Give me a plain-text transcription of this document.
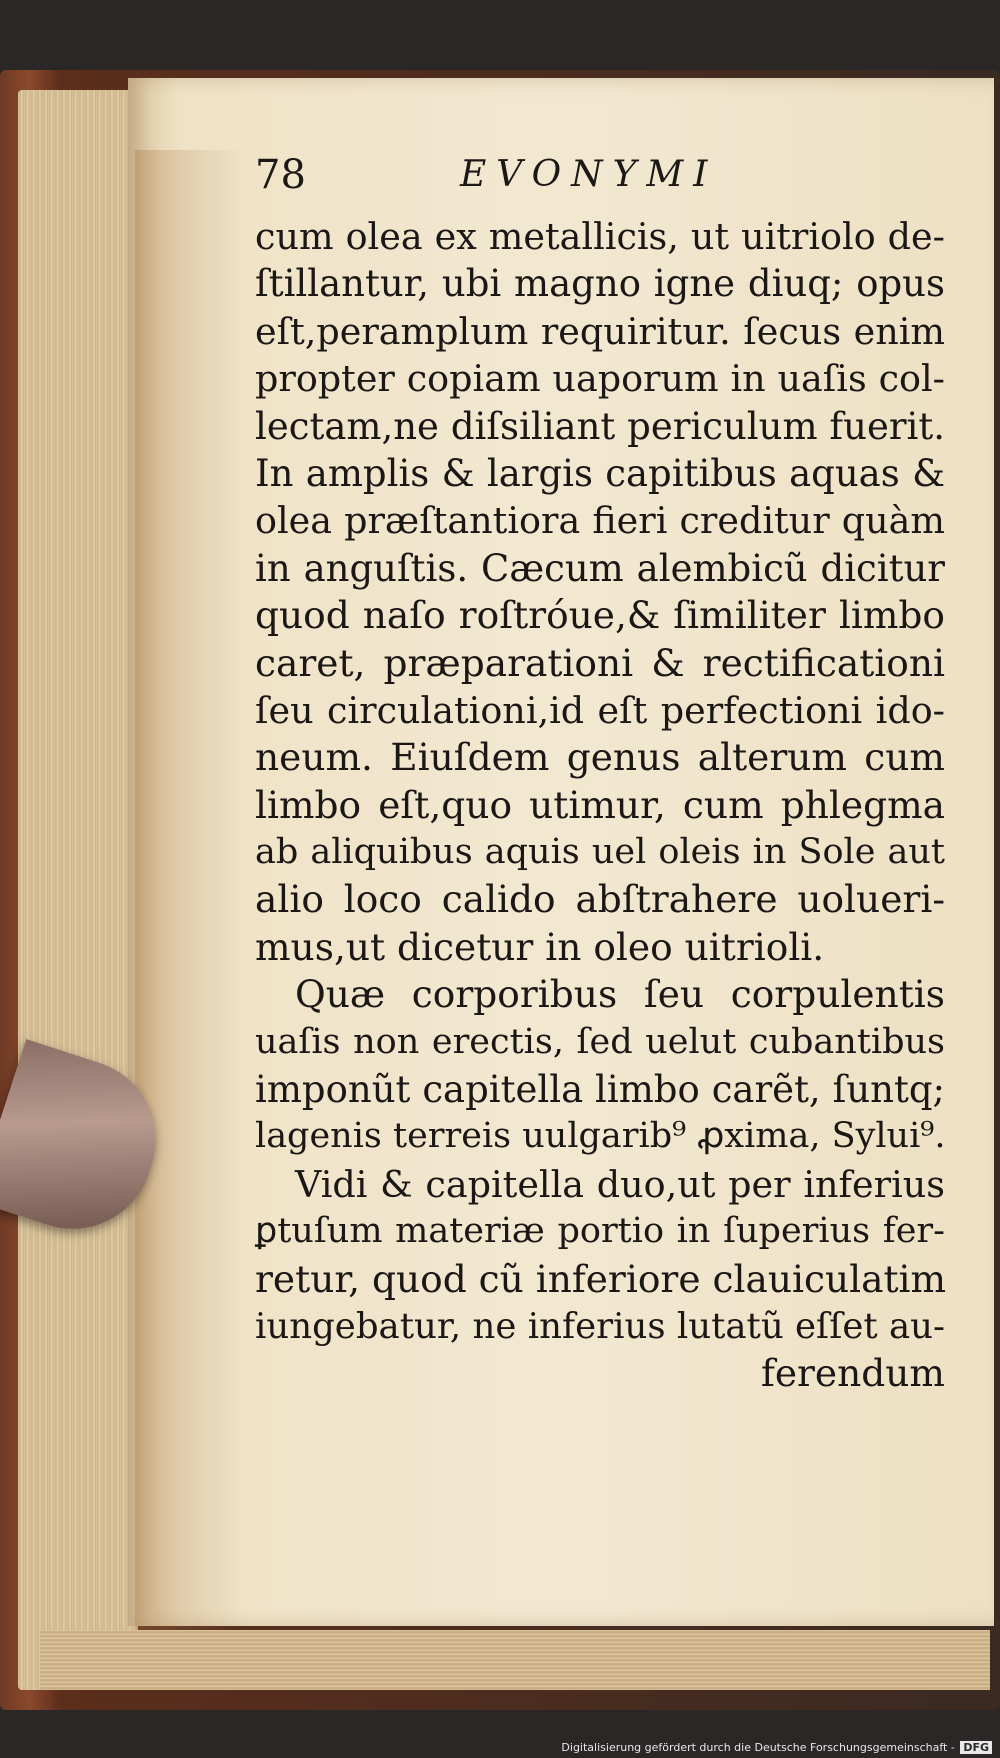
78	EVONYMI
cum olea ex metallicis, ut uitriolo de-
ſtillantur, ubi magno igne diuq; opus
eſt,peramplum requiritur. ſecus enim
propter copiam uaporum in uaſis col-
lectam,ne diſsiliant periculum fuerit.
In amplis & largis capitibus aquas &
olea præſtantiora fieri creditur quàm
in anguſtis. Cæcum alembicũ dicitur
quod naſo roſtróue,& ſimiliter limbo
caret, præparationi & rectificationi
ſeu circulationi,id eſt perfectioni ido-
neum. Eiuſdem genus alterum cum
limbo eſt,quo utimur, cum phlegma
ab aliquibus aquis uel oleis in Sole aut
alio loco calido abſtrahere uolueri-
mus,ut dicetur in oleo uitrioli.
Quæ corporibus ſeu corpulentis
uaſis non erectis, ſed uelut cubantibus
imponũt capitella limbo carẽt, ſuntq;
lagenis terreis uulgarib⁹ ꝓxima, Sylui⁹.
Vidi & capitella duo,ut per inferius
ꝑtuſum materiæ portio in ſuperius fer-
retur, quod cũ inferiore clauiculatim
iungebatur, ne inferius lutatũ eſſet au-
ferendum
Digitalisierung gefördert durch die Deutsche Forschungsgemeinschaft - DFG
